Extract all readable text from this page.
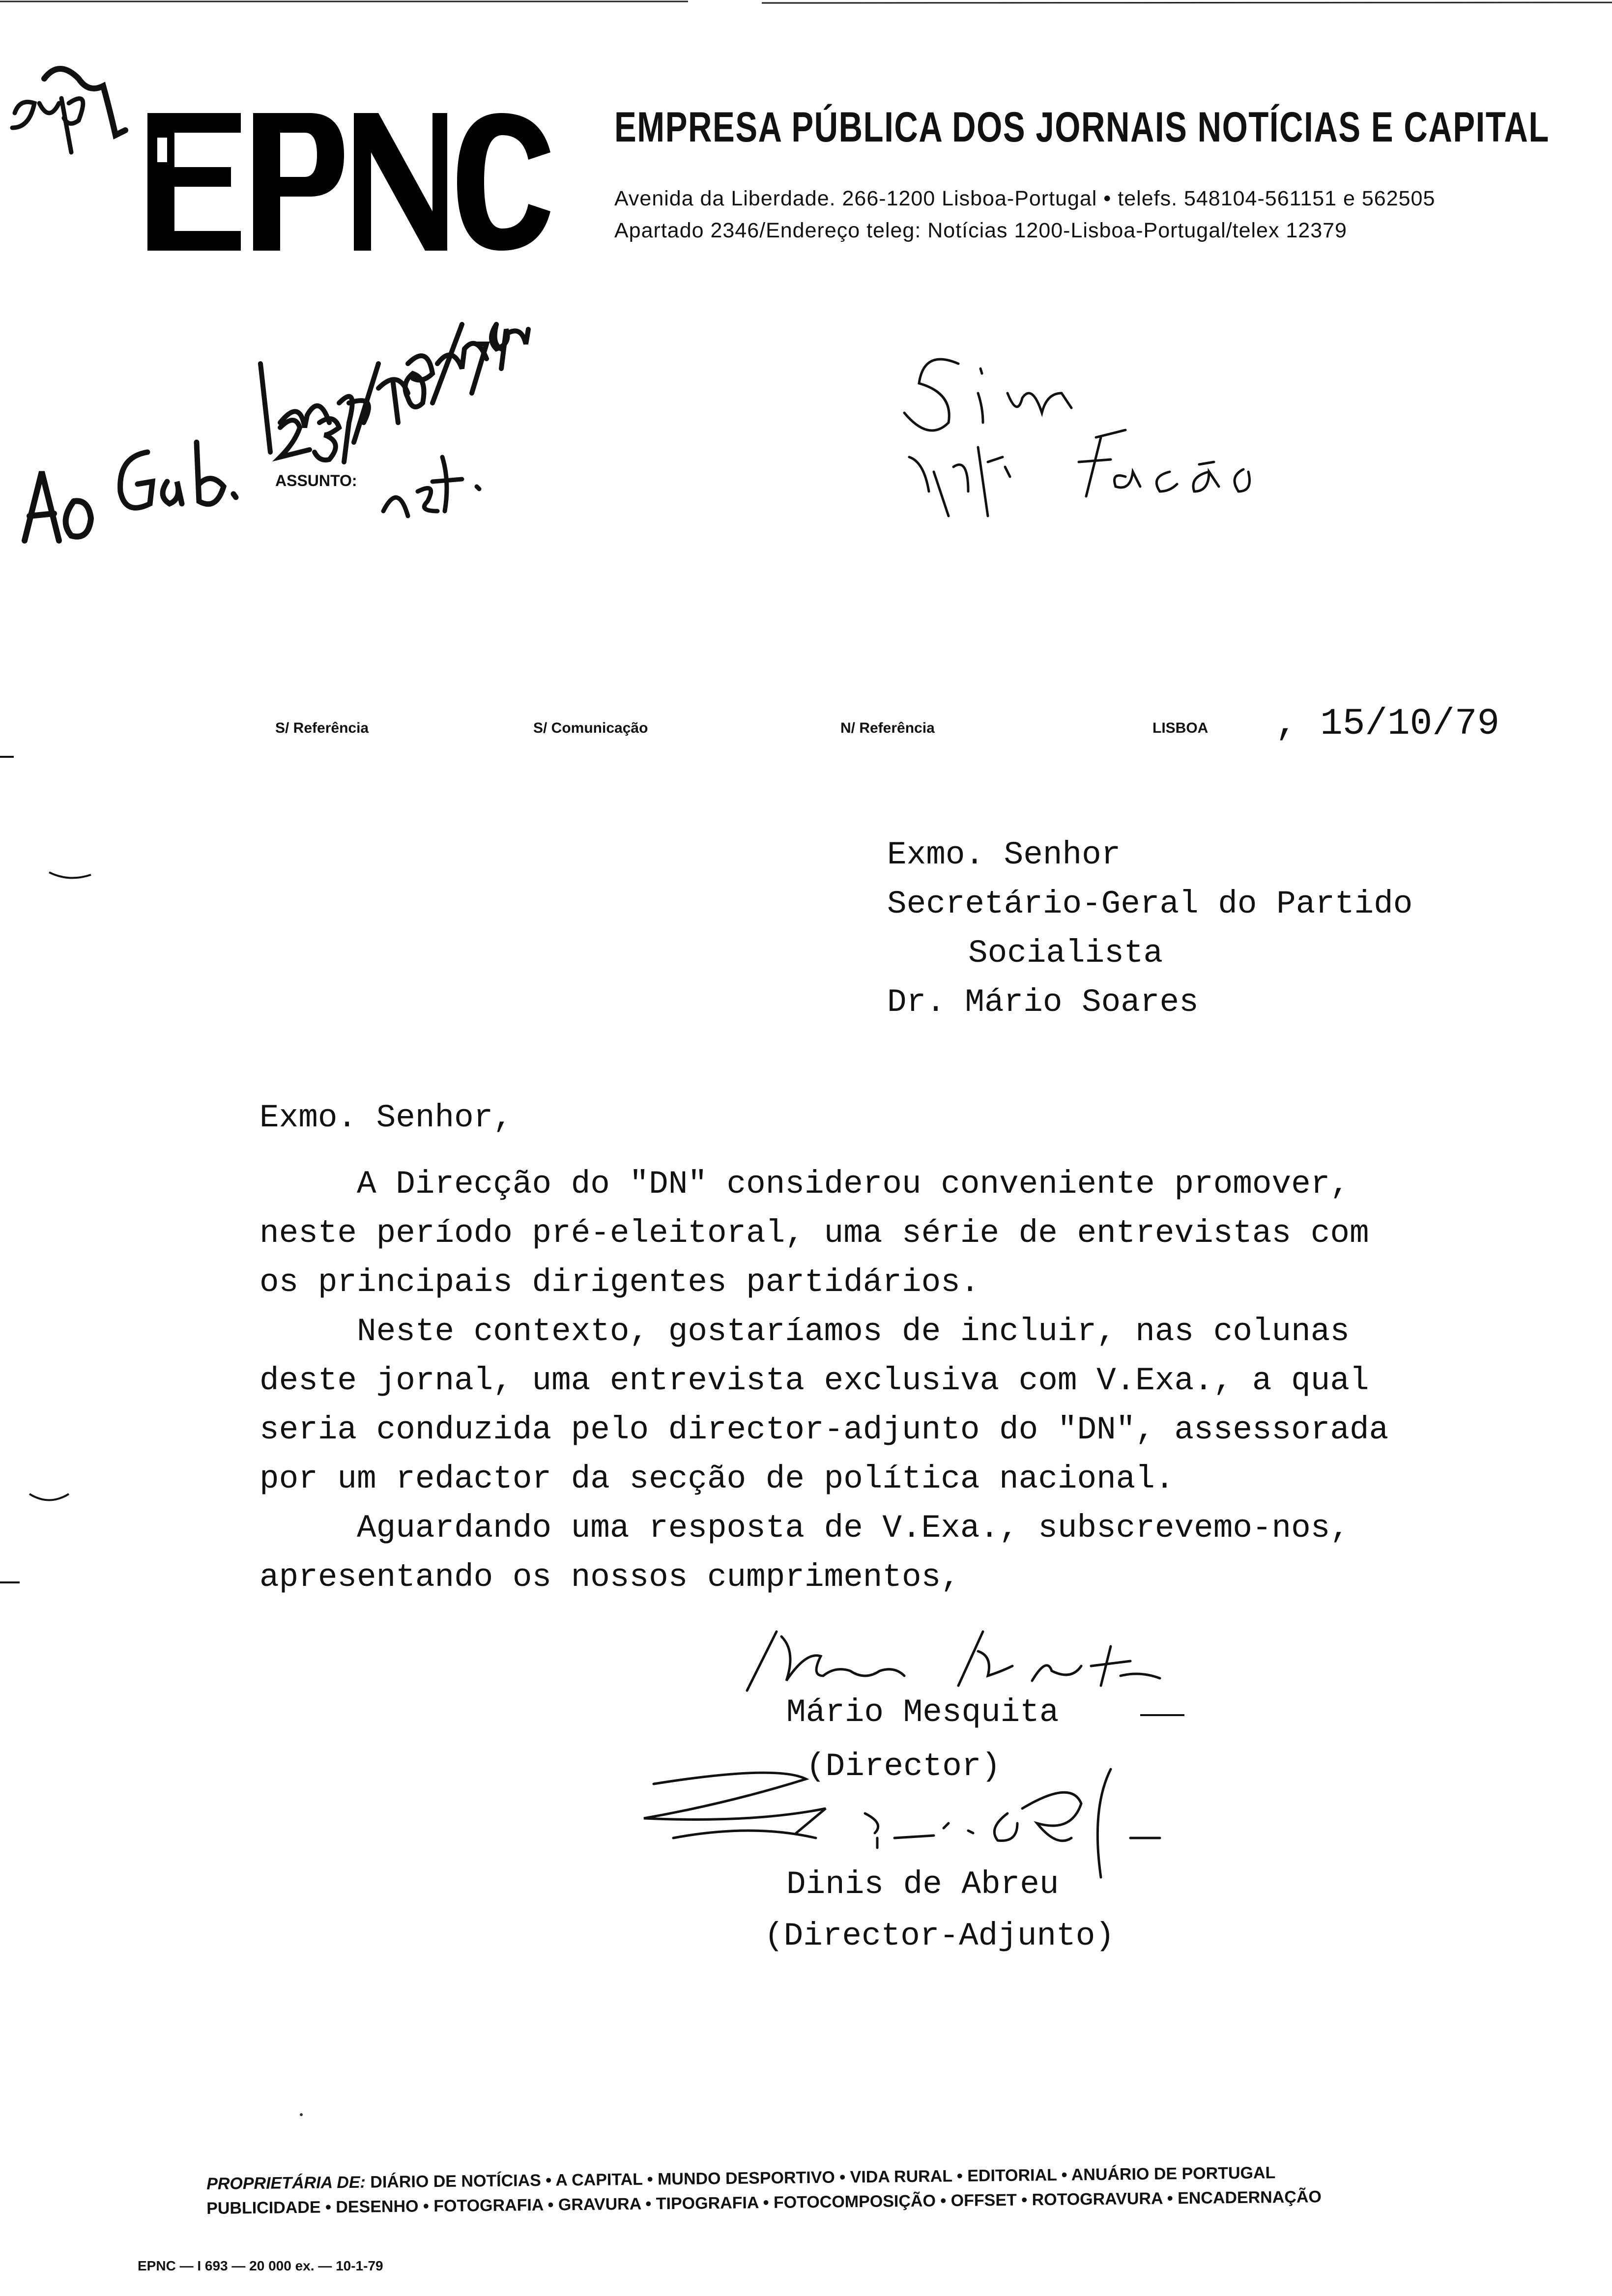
EMPRESA PÚBLICA DOS JORNAIS NOTÍCIAS E CAPITAL
Avenida da Liberdade. 266-1200 Lisboa-Portugal • telefs. 548104-561151 e 562505
Apartado 2346/Endereço teleg: Notícias 1200-Lisboa-Portugal/telex 12379
ASSUNTO:
S/ Referência	S/ Comunicação	N/ Referência	LISBOA , 15/10/79
Exmo. Senhor
Secretário-Geral do Partido
Socialista
Dr. Mário Soares
Exmo. Senhor,
A Direcção do "DN" considerou conveniente promover,
neste período pré-eleitoral, uma série de entrevistas com
os principais dirigentes partidários.
Neste contexto, gostaríamos de incluir, nas colunas
deste jornal, uma entrevista exclusiva com V.Exa., a qual
seria conduzida pelo director-adjunto do "DN", assessorada
por um redactor da secção de política nacional.
Aguardando uma resposta de V.Exa., subscrevemo-nos,
apresentando os nossos cumprimentos,
Mário Mesquita
(Director)
Dinis de Abreu
(Director-Adjunto)
PROPRIETÁRIA DE: DIÁRIO DE NOTÍCIAS • A CAPITAL • MUNDO DESPORTIVO • VIDA RURAL • EDITORIAL • ANUÁRIO DE PORTUGAL
PUBLICIDADE • DESENHO • FOTOGRAFIA • GRAVURA • TIPOGRAFIA • FOTOCOMPOSIÇÃO • OFFSET • ROTOGRAVURA • ENCADERNAÇÃO
EPNC — I 693 — 20 000 ex. — 10-1-79
